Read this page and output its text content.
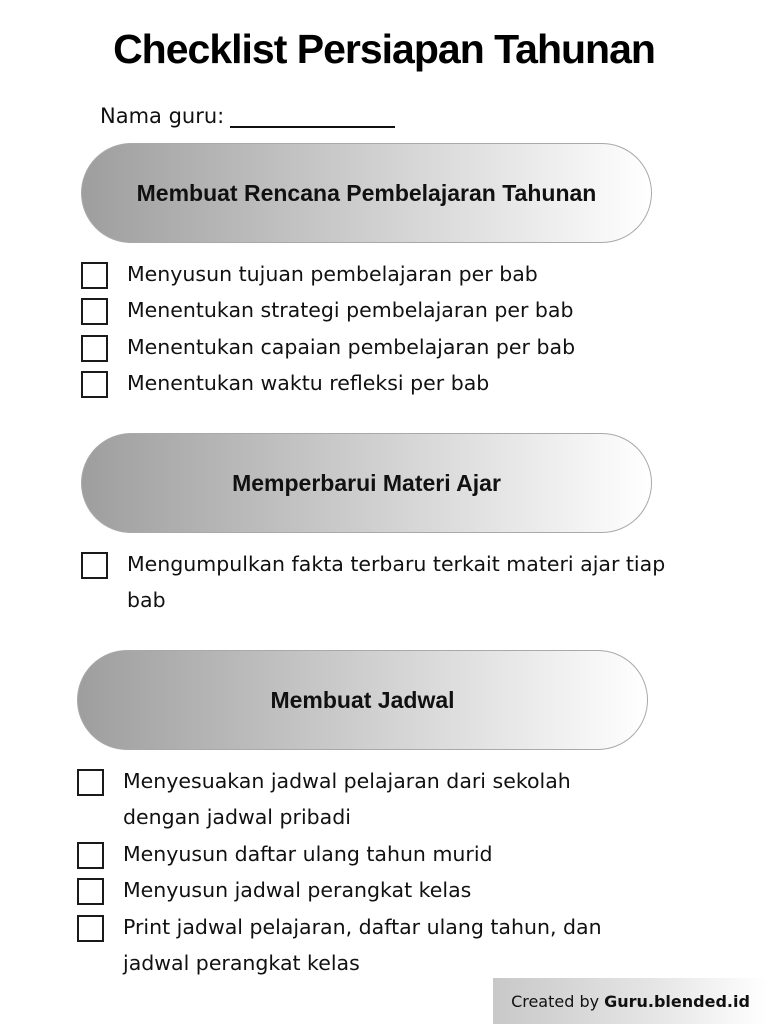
Checklist Persiapan Tahunan
Nama guru:
Membuat Rencana Pembelajaran Tahunan
Menyusun tujuan pembelajaran per bab
Menentukan strategi pembelajaran per bab
Menentukan capaian pembelajaran per bab
Menentukan waktu refleksi per bab
Memperbarui Materi Ajar
Mengumpulkan fakta terbaru terkait materi ajar tiap bab
Membuat Jadwal
Menyesuakan jadwal pelajaran dari sekolah dengan jadwal pribadi
Menyusun daftar ulang tahun murid
Menyusun jadwal perangkat kelas
Print jadwal pelajaran, daftar ulang tahun, dan jadwal perangkat kelas
Created by Guru.blended.id
